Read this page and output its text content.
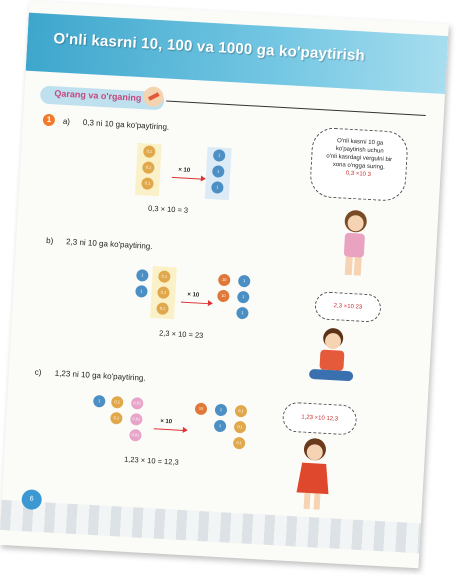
O'nli kasrni 10, 100 va 1000 ga ko'paytirish
Qarang va o'rganing
1	a) 0,3 ni 10 ga ko'paytiring.
0,1
0,1
0,1
× 10
1
1
1
0,3 × 10 = 3
O'nli kasrni 10 ga
ko'paytirish uchun
o'nli kasrdagi vergulni bir
xona o'ngga suring.
0,3 ×10 3
b) 2,3 ni 10 ga ko'paytiring.
1
1
0,1
0,1
0,1
× 10
10
10
1
1
1
2,3 × 10 = 23
2,3 ×10 23
c) 1,23 ni 10 ga ko'paytiring.
1	0,1
0,1
0,01
0,01
0,01
× 10
10	1
1
0,1
0,1
0,1
1,23 × 10 = 12,3
1,23 ×10 12,3
6
